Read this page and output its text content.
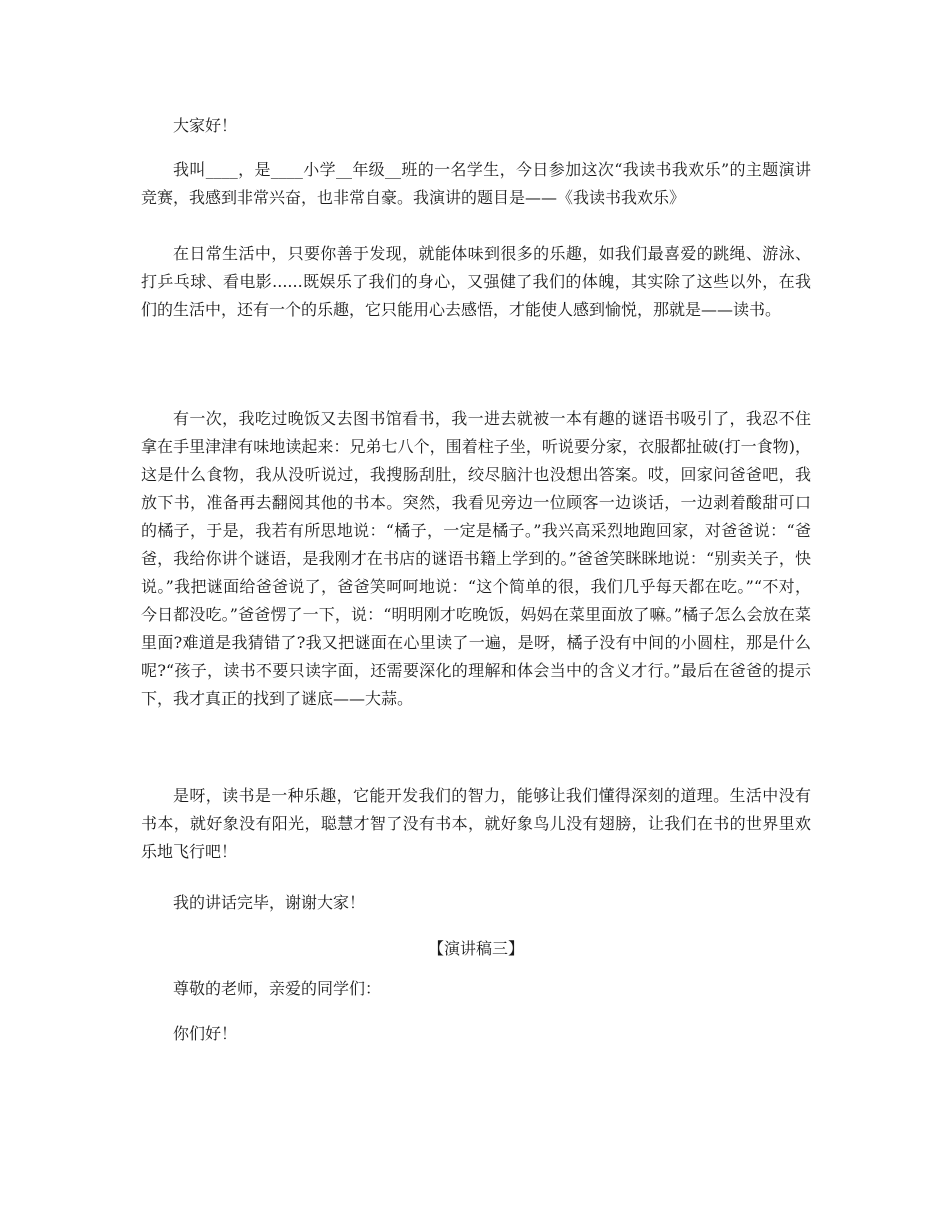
大家好！

我叫____，是____小学__年级__班的一名学生，今日参加这次“我读书我欢乐”的主题演讲竞赛，我感到非常兴奋，也非常自豪。我演讲的题目是——《我读书我欢乐》

在日常生活中，只要你善于发现，就能体味到很多的乐趣，如我们最喜爱的跳绳、游泳、打乒乓球、看电影......既娱乐了我们的身心，又强健了我们的体魄，其实除了这些以外，在我们的生活中，还有一个的乐趣，它只能用心去感悟，才能使人感到愉悦，那就是——读书。

有一次，我吃过晚饭又去图书馆看书，我一进去就被一本有趣的谜语书吸引了，我忍不住拿在手里津津有味地读起来：兄弟七八个，围着柱子坐，听说要分家，衣服都扯破(打一食物)，这是什么食物，我从没听说过，我搜肠刮肚，绞尽脑汁也没想出答案。哎，回家问爸爸吧，我放下书，准备再去翻阅其他的书本。突然，我看见旁边一位顾客一边谈话，一边剥着酸甜可口的橘子，于是，我若有所思地说：“橘子，一定是橘子。”我兴高采烈地跑回家，对爸爸说：“爸爸，我给你讲个谜语，是我刚才在书店的谜语书籍上学到的。”爸爸笑眯眯地说：“别卖关子，快说。”我把谜面给爸爸说了，爸爸笑呵呵地说：“这个简单的很，我们几乎每天都在吃。”“不对，今日都没吃。”爸爸愣了一下，说：“明明刚才吃晚饭，妈妈在菜里面放了嘛。”橘子怎么会放在菜里面?难道是我猜错了?我又把谜面在心里读了一遍，是呀，橘子没有中间的小圆柱，那是什么呢?“孩子，读书不要只读字面，还需要深化的理解和体会当中的含义才行。”最后在爸爸的提示下，我才真正的找到了谜底——大蒜。

是呀，读书是一种乐趣，它能开发我们的智力，能够让我们懂得深刻的道理。生活中没有书本，就好象没有阳光，聪慧才智了没有书本，就好象鸟儿没有翅膀，让我们在书的世界里欢乐地飞行吧！

我的讲话完毕，谢谢大家！

【演讲稿三】

尊敬的老师，亲爱的同学们：

你们好！
